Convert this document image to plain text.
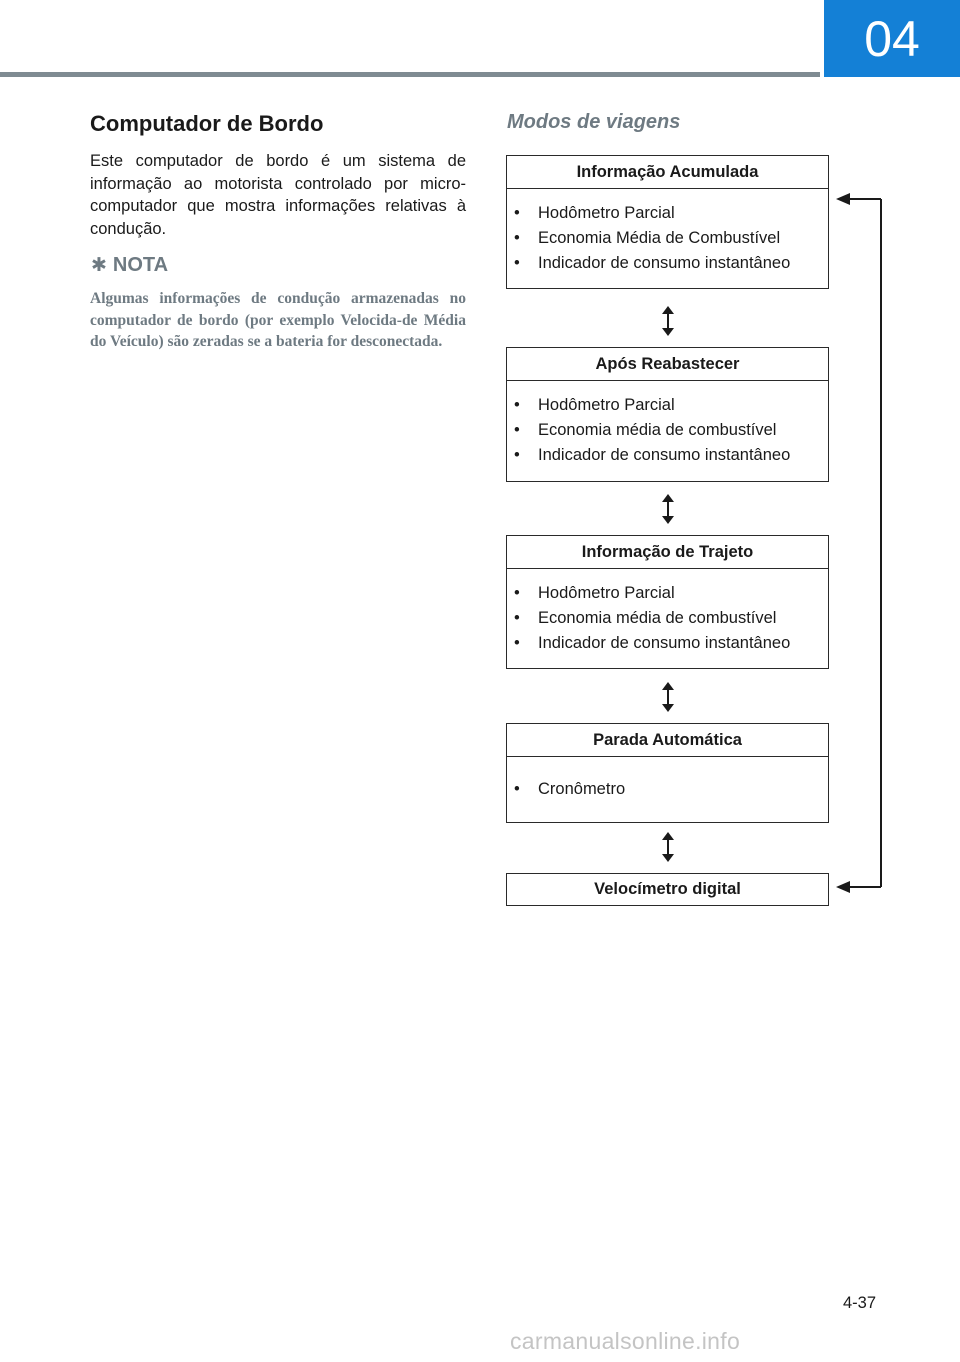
04
Computador de Bordo

Este computador de bordo é um sistema de informação ao motorista controlado por micro-computador que mostra informações relativas à condução.

✱ NOTA

Algumas informações de condução armazenadas no computador de bordo (por exemplo Velocida-de Média do Veículo) são zeradas se a bateria for desconectada.

Modos de viagens
Informação Acumulada
• Hodômetro Parcial
• Economia Média de Combustível
• Indicador de consumo instantâneo
Após Reabastecer
• Hodômetro Parcial
• Economia média de combustível
• Indicador de consumo instantâneo
Informação de Trajeto
• Hodômetro Parcial
• Economia média de combustível
• Indicador de consumo instantâneo
Parada Automática
• Cronômetro
Velocímetro digital
4-37
carmanualsonline.info
